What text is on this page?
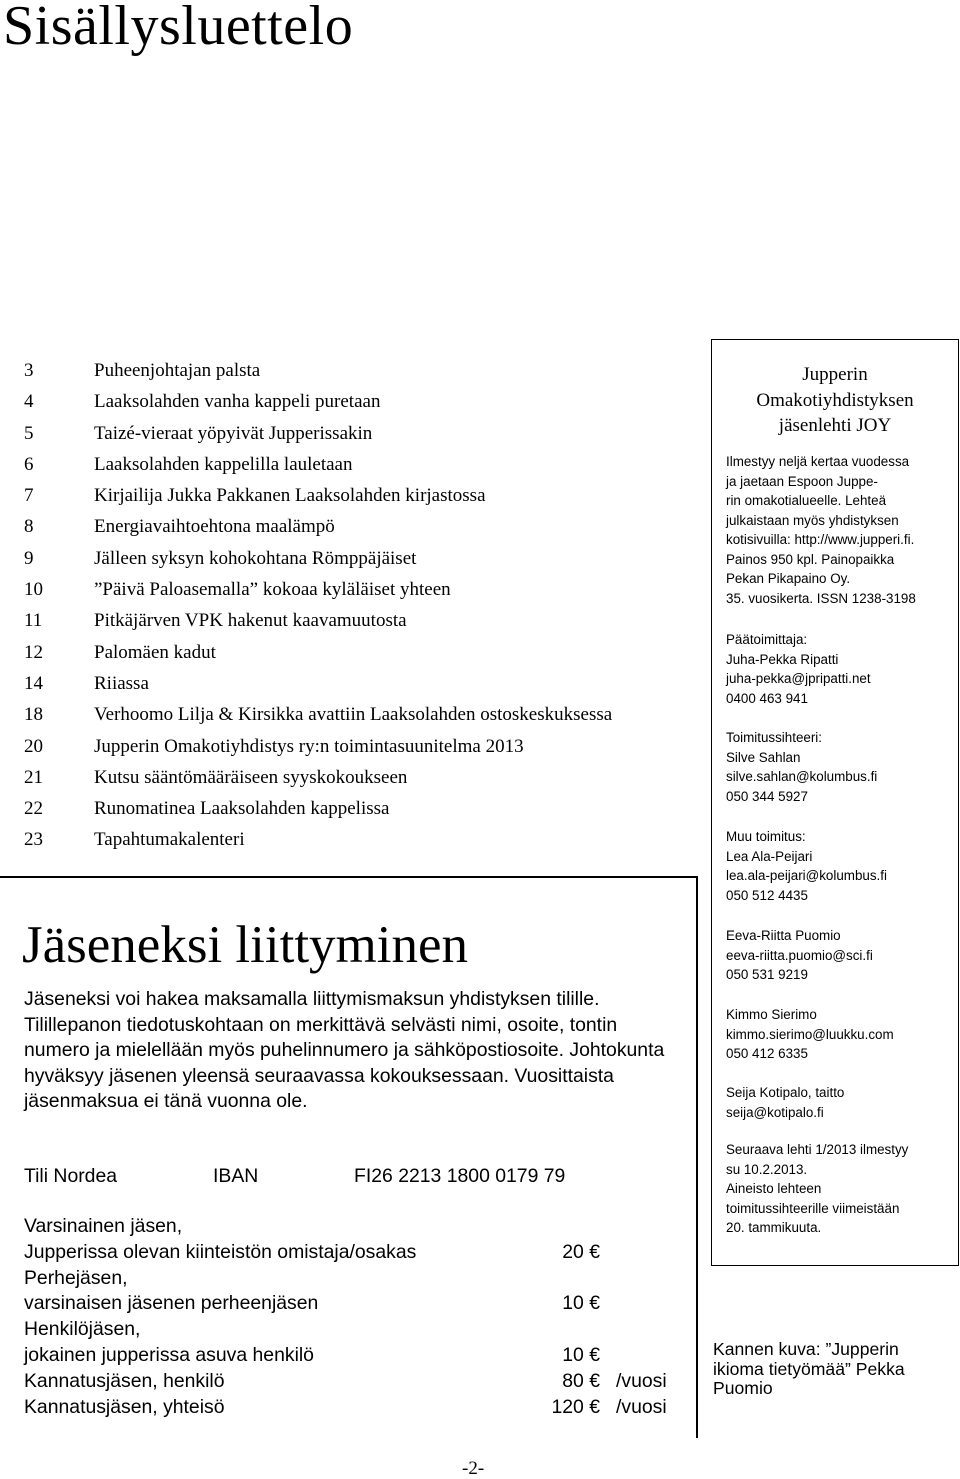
Sisällysluettelo
3	Puheenjohtajan palsta
4	Laaksolahden vanha kappeli puretaan
5	Taizé-vieraat yöpyivät Jupperissakin
6	Laaksolahden kappelilla lauletaan
7	Kirjailija Jukka Pakkanen Laaksolahden kirjastossa
8	Energiavaihtoehtona maalämpö
9	Jälleen syksyn kohokohtana Römppäjäiset
10	”Päivä Paloasemalla” kokoaa kyläläiset yhteen
11	Pitkäjärven VPK hakenut kaavamuutosta
12	Palomäen kadut
14	Riiassa
18	Verhoomo Lilja & Kirsikka avattiin Laaksolahden ostoskeskuksessa
20	Jupperin Omakotiyhdistys ry:n toimintasuunitelma 2013
21	Kutsu sääntömääräiseen syyskokoukseen
22	Runomatinea Laaksolahden kappelissa
23	Tapahtumakalenteri
Jäseneksi liittyminen

Jäseneksi voi hakea maksamalla liittymismaksun yhdistyksen tilille. Tilillepanon tiedotuskohtaan on merkittävä selvästi nimi, osoite, tontin numero ja mielellään myös puhelinnumero ja sähköpostiosoite. Johtokunta hyväksyy jäsenen yleensä seuraavassa kokouksessaan. Vuosittaista jäsenmaksua ei tänä vuonna ole.

Tili Nordea	IBAN	FI26 2213 1800 0179 79
Varsinainen jäsen,
Jupperissa olevan kiinteistön omistaja/osakas	20 €
Perhejäsen,
varsinaisen jäsenen perheenjäsen	10 €
Henkilöjäsen,
jokainen jupperissa asuva henkilö	10 €
Kannatusjäsen, henkilö	80 € /vuosi
Kannatusjäsen, yhteisö	120 € /vuosi
Jupperin
Omakotiyhdistyksen
jäsenlehti JOY
Ilmestyy neljä kertaa vuodessa
ja jaetaan Espoon Juppe-
rin omakotialueelle. Lehteä
julkaistaan myös yhdistyksen
kotisivuilla: http://www.jupperi.fi.
Painos 950 kpl. Painopaikka
Pekan Pikapaino Oy.
35. vuosikerta. ISSN 1238-3198
Päätoimittaja:
Juha-Pekka Ripatti
juha-pekka@jpripatti.net
0400 463 941
Toimitussihteeri:
Silve Sahlan
silve.sahlan@kolumbus.fi
050 344 5927
Muu toimitus:
Lea Ala-Peijari
lea.ala-peijari@kolumbus.fi
050 512 4435
Eeva-Riitta Puomio
eeva-riitta.puomio@sci.fi
050 531 9219
Kimmo Sierimo
kimmo.sierimo@luukku.com
050 412 6335
Seija Kotipalo, taitto
seija@kotipalo.fi
Seuraava lehti 1/2013 ilmestyy
su 10.2.2013.
Aineisto lehteen
toimitussihteerille viimeistään
20. tammikuuta.
Kannen kuva: ”Jupperin
ikioma tietyömää” Pekka
Puomio
-2-
